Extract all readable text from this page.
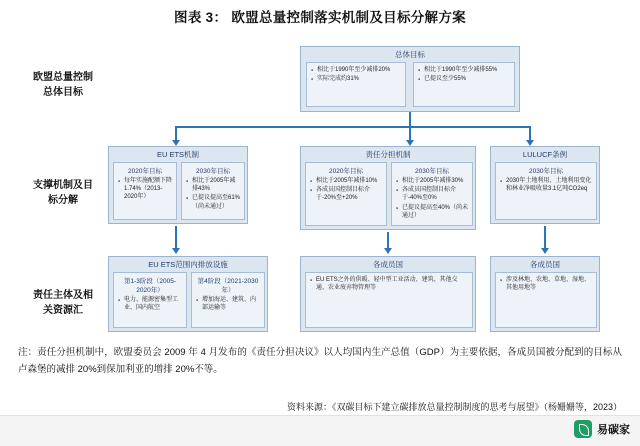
图表 3： 欧盟总量控制落实机制及目标分解方案
欧盟总量控制
总体目标
支撑机制及目
标分解
责任主体及相
关资源汇
总体目标
● 相比于1990年至少减排20%
● 实际完成约31%
● 相比于1990年至少减排55%
● 已提议至少55%
EU ETS机制
2020年目标
● 每年实施配额下降1.74%（2013-2020年）
2030年目标
● 相比于2005年减排43%
● 已提议提高至61%（尚未通过）
责任分担机制
2020年目标
● 相比于2005年减排10%
● 各成员国控制目标介于-20%至+20%
2030年目标
● 相比于2005年减排30%
● 各成员国控制目标介于-40%至0%
● 已提议提高至40%（尚未通过）
LULUCF条例
2030年目标
● 2030年土地利用、土地利用变化和林业净吸收量3.1亿吨CO2eq
EU ETS范围内排放设施
第1-3阶段（2005-2020年）
● 电力、能源密集型工业、国内航空
第4阶段（2021-2030年）
● 增加海运、建筑、内部运输等
各成员国
● EU ETS之外的供暖、轻中型工业活动、建筑、其他交通、农业废弃物管理等
各成员国
● 涉及林地、农地、草地、湿地、其他用地等
注：责任分担机制中，欧盟委员会 2009 年 4 月发布的《责任分担决议》以人均国内生产总值（GDP）为主要依据，各成员国被分配到的目标从卢森堡的减排 20%到保加利亚的增排 20%不等。
资料来源：《双碳目标下建立碳排放总量控制制度的思考与展望》（杨姗姗等，2023）
易碳家
